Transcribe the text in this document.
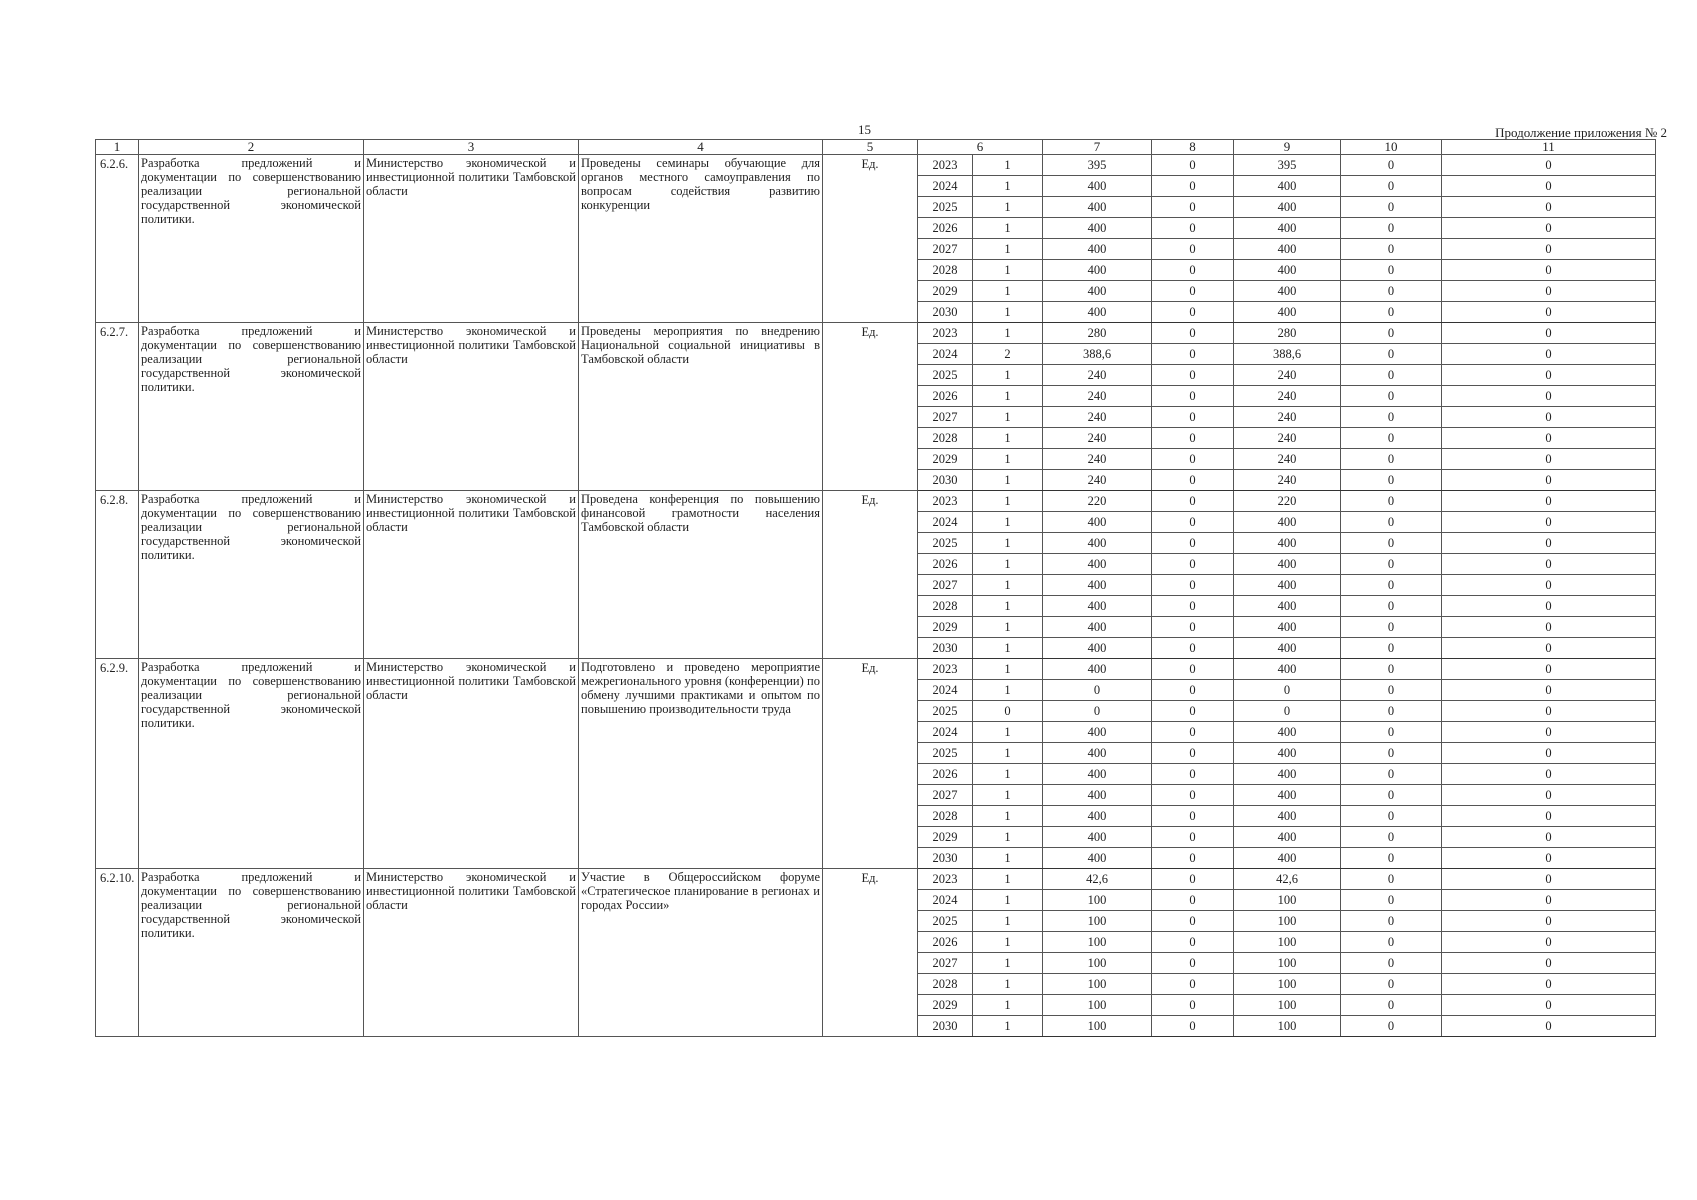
15	Продолжение приложения № 2
1	2	3	4	5	6		7	8	9	10	11
6.2.6.	Разработка предложений и документации по совершенствованию реализации региональной государственной экономической политики.	Министерство экономической и инвестиционной политики Тамбовской области	Проведены семинары обучающие для органов местного самоуправления по вопросам содействия развитию конкуренции	Ед.	2023	1	395	0	395	0	0
					2024	1	400	0	400	0	0
					2025	1	400	0	400	0	0
					2026	1	400	0	400	0	0
					2027	1	400	0	400	0	0
					2028	1	400	0	400	0	0
					2029	1	400	0	400	0	0
					2030	1	400	0	400	0	0
6.2.7.	Разработка предложений и документации по совершенствованию реализации региональной государственной экономической политики.	Министерство экономической и инвестиционной политики Тамбовской области	Проведены мероприятия по внедрению Национальной социальной инициативы в Тамбовской области	Ед.	2023	1	280	0	280	0	0
					2024	2	388,6	0	388,6	0	0
					2025	1	240	0	240	0	0
					2026	1	240	0	240	0	0
					2027	1	240	0	240	0	0
					2028	1	240	0	240	0	0
					2029	1	240	0	240	0	0
					2030	1	240	0	240	0	0
6.2.8.	Разработка предложений и документации по совершенствованию реализации региональной государственной экономической политики.	Министерство экономической и инвестиционной политики Тамбовской области	Проведена конференция по повышению финансовой грамотности населения Тамбовской области	Ед.	2023	1	220	0	220	0	0
					2024	1	400	0	400	0	0
					2025	1	400	0	400	0	0
					2026	1	400	0	400	0	0
					2027	1	400	0	400	0	0
					2028	1	400	0	400	0	0
					2029	1	400	0	400	0	0
					2030	1	400	0	400	0	0
6.2.9.	Разработка предложений и документации по совершенствованию реализации региональной государственной экономической политики.	Министерство экономической и инвестиционной политики Тамбовской области	Подготовлено и проведено мероприятие межрегионального уровня (конференции) по обмену лучшими практиками и опытом по повышению производительности труда	Ед.	2023	1	400	0	400	0	0
					2024	1	0	0	0	0	0
					2025	0	0	0	0	0	0
					2024	1	400	0	400	0	0
					2025	1	400	0	400	0	0
					2026	1	400	0	400	0	0
					2027	1	400	0	400	0	0
					2028	1	400	0	400	0	0
					2029	1	400	0	400	0	0
					2030	1	400	0	400	0	0
6.2.10.	Разработка предложений и документации по совершенствованию реализации региональной государственной экономической политики.	Министерство экономической и инвестиционной политики Тамбовской области	Участие в Общероссийском форуме «Стратегическое планирование в регионах и городах России»	Ед.	2023	1	42,6	0	42,6	0	0
					2024	1	100	0	100	0	0
					2025	1	100	0	100	0	0
					2026	1	100	0	100	0	0
					2027	1	100	0	100	0	0
					2028	1	100	0	100	0	0
					2029	1	100	0	100	0	0
					2030	1	100	0	100	0	0
